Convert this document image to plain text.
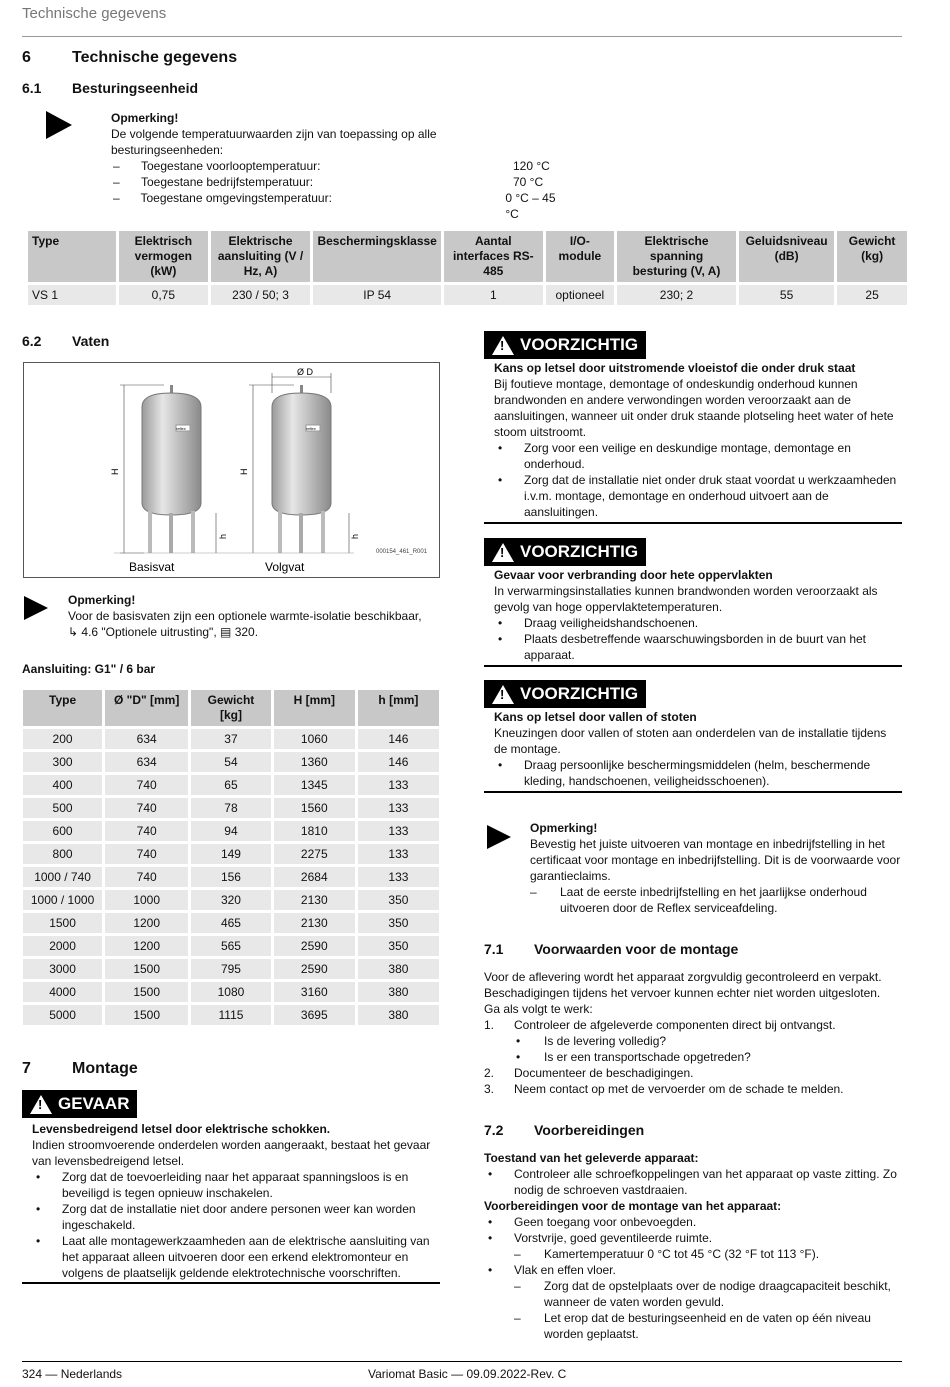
Technische gegevens
6	Technische gegevens
6.1 Besturingseenheid

Opmerking!

De volgende temperatuurwaarden zijn van toepassing op alle besturingseenheden:

–	Toegestane voorlooptemperatuur:	120 °C
–	Toegestane bedrijfstemperatuur:	70 °C
–	Toegestane omgevingstemperatuur:	0 °C – 45 °C
Type	Elektrisch vermogen (kW)	Elektrische aansluiting (V / Hz, A)	Beschermingsklasse	Aantal interfaces RS-485	I/O-module	Elektrische spanning besturing (V, A)	Geluidsniveau (dB)	Gewicht (kg)
VS 1	0,75	230 / 50; 3	IP 54	1	optioneel	230; 2	55	25
6.2 Vaten
H	H
h	h
Ø D
reflex	reflex
000154_461_R001
Basisvat	Volgvat

Opmerking!

Voor de basisvaten zijn een optionele warmte-isolatie beschikbaar,

↳ 4.6 "Optionele uitrusting", ▤ 320.

Aansluiting: G1" / 6 bar
Type	Ø "D" [mm]	Gewicht [kg]	H [mm]	h [mm]
200	634	37	1060	146
300	634	54	1360	146
400	740	65	1345	133
500	740	78	1560	133
600	740	94	1810	133
800	740	149	2275	133
1000 / 740	740	156	2684	133
1000 / 1000	1000	320	2130	350
1500	1200	465	2130	350
2000	1200	565	2590	350
3000	1500	795	2590	380
4000	1500	1080	3160	380
5000	1500	1115	3695	380
7	Montage
! GEVAAR

Levensbedreigend letsel door elektrische schokken.

Indien stroomvoerende onderdelen worden aangeraakt, bestaat het gevaar van levensbedreigend letsel.

•	Zorg dat de toevoerleiding naar het apparaat spanningsloos is en beveiligd is tegen opnieuw inschakelen.
•	Zorg dat de installatie niet door andere personen weer kan worden ingeschakeld.
•	Laat alle montagewerkzaamheden aan de elektrische aansluiting van het apparaat alleen uitvoeren door een erkend elektromonteur en volgens de plaatselijk geldende elektrotechnische voorschriften.
! VOORZICHTIG

Kans op letsel door uitstromende vloeistof die onder druk staat

Bij foutieve montage, demontage of ondeskundig onderhoud kunnen brandwonden en andere verwondingen worden veroorzaakt aan de aansluitingen, wanneer uit onder druk staande plotseling heet water of hete stoom uitstroomt.

•	Zorg voor een veilige en deskundige montage, demontage en onderhoud.
•	Zorg dat de installatie niet onder druk staat voordat u werkzaamheden i.v.m. montage, demontage en onderhoud uitvoert aan de aansluitingen.
! VOORZICHTIG

Gevaar voor verbranding door hete oppervlakten

In verwarmingsinstallaties kunnen brandwonden worden veroorzaakt als gevolg van hoge oppervlaktetemperaturen.

•	Draag veiligheidshandschoenen.
•	Plaats desbetreffende waarschuwingsborden in de buurt van het apparaat.
! VOORZICHTIG

Kans op letsel door vallen of stoten

Kneuzingen door vallen of stoten aan onderdelen van de installatie tijdens de montage.

•	Draag persoonlijke beschermingsmiddelen (helm, beschermende kleding, handschoenen, veiligheidsschoenen).

Opmerking!

Bevestig het juiste uitvoeren van montage en inbedrijfstelling in het certificaat voor montage en inbedrijfstelling. Dit is de voorwaarde voor garantieclaims.

–	Laat de eerste inbedrijfstelling en het jaarlijkse onderhoud uitvoeren door de Reflex serviceafdeling.
7.1 Voorwaarden voor de montage

Voor de aflevering wordt het apparaat zorgvuldig gecontroleerd en verpakt. Beschadigingen tijdens het vervoer kunnen echter niet worden uitgesloten.

Ga als volgt te werk:

1.	Controleer de afgeleverde componenten direct bij ontvangst.
•	Is de levering volledig?
•	Is er een transportschade opgetreden?
2.	Documenteer de beschadigingen.
3.	Neem contact op met de vervoerder om de schade te melden.
7.2 Voorbereidingen

Toestand van het geleverde apparaat:

•	Controleer alle schroefkoppelingen van het apparaat op vaste zitting. Zo nodig de schroeven vastdraaien.

Voorbereidingen voor de montage van het apparaat:

•	Geen toegang voor onbevoegden.
•	Vorstvrije, goed geventileerde ruimte.
–	Kamertemperatuur 0 °C tot 45 °C (32 °F tot 113 °F).
•	Vlak en effen vloer.
–	Zorg dat de opstelplaats over de nodige draagcapaciteit beschikt, wanneer de vaten worden gevuld.
–	Let erop dat de besturingseenheid en de vaten op één niveau worden geplaatst.
324 — Nederlands	Variomat Basic — 09.09.2022-Rev. C
